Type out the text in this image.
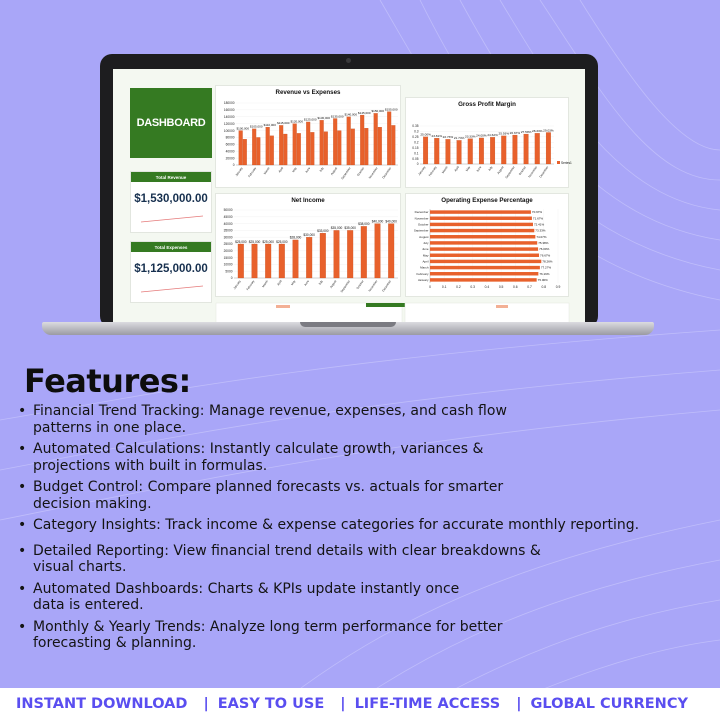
DASHBOARD
Total Revenue
$1,530,000.00
Total Expenses
$1,125,000.00
Revenue vs Expenses
0
20000
40000
60000
80000
100000
120000
140000
160000
180000
$100,000
January
$105,000
February
$110,000
March
$115,000
April
$120,000
May
$125,000
June
$130,000
July
$135,000
August
$140,000
September
$145,000
October
$150,000
November
$155,000
December
Gross Profit Margin
0
0.05
0.1
0.15
0.2
0.25
0.3
0.35
25.00%
January
23.81%
February
22.73%
March
21.74%
April
23.33%
May
24.00%
June
24.62%
July
25.93%
August
26.67%
September
27.59%
October
28.33%
November
29.03%
December
Series1
Net Income
0
5000
10000
15000
20000
25000
30000
35000
40000
45000
50000
$25,000
January
$25,000
February
$25,000
March
$25,000
April
$28,000
May
$30,000
June
$33,000
July
$35,000
August
$35,000
September
$38,000
October
$40,000
November
$40,000
December
Operating Expense Percentage
0	0.1	0.2	0.3	0.4	0.5	0.6	0.7	0.8	0.9
January	75.00%
February	76.19%
March	77.27%
April	78.26%
May	76.67%
June	76.00%
July	75.38%
August	74.07%
September	73.33%
October	72.41%
November	71.67%
December	70.97%
Features:
• Financial Trend Tracking: Manage revenue, expenses, and cash flow
patterns in one place.
• Automated Calculations: Instantly calculate growth, variances &
projections with built in formulas.
• Budget Control: Compare planned forecasts vs. actuals for smarter
decision making.
• Category Insights: Track income & expense categories for accurate monthly reporting.
• Detailed Reporting: View financial trend details with clear breakdowns &
visual charts.
• Automated Dashboards: Charts & KPIs update instantly once
data is entered.
• Monthly & Yearly Trends: Analyze long term performance for better
forecasting & planning.
INSTANT DOWNLOAD | EASY TO USE | LIFE-TIME ACCESS | GLOBAL CURRENCY
